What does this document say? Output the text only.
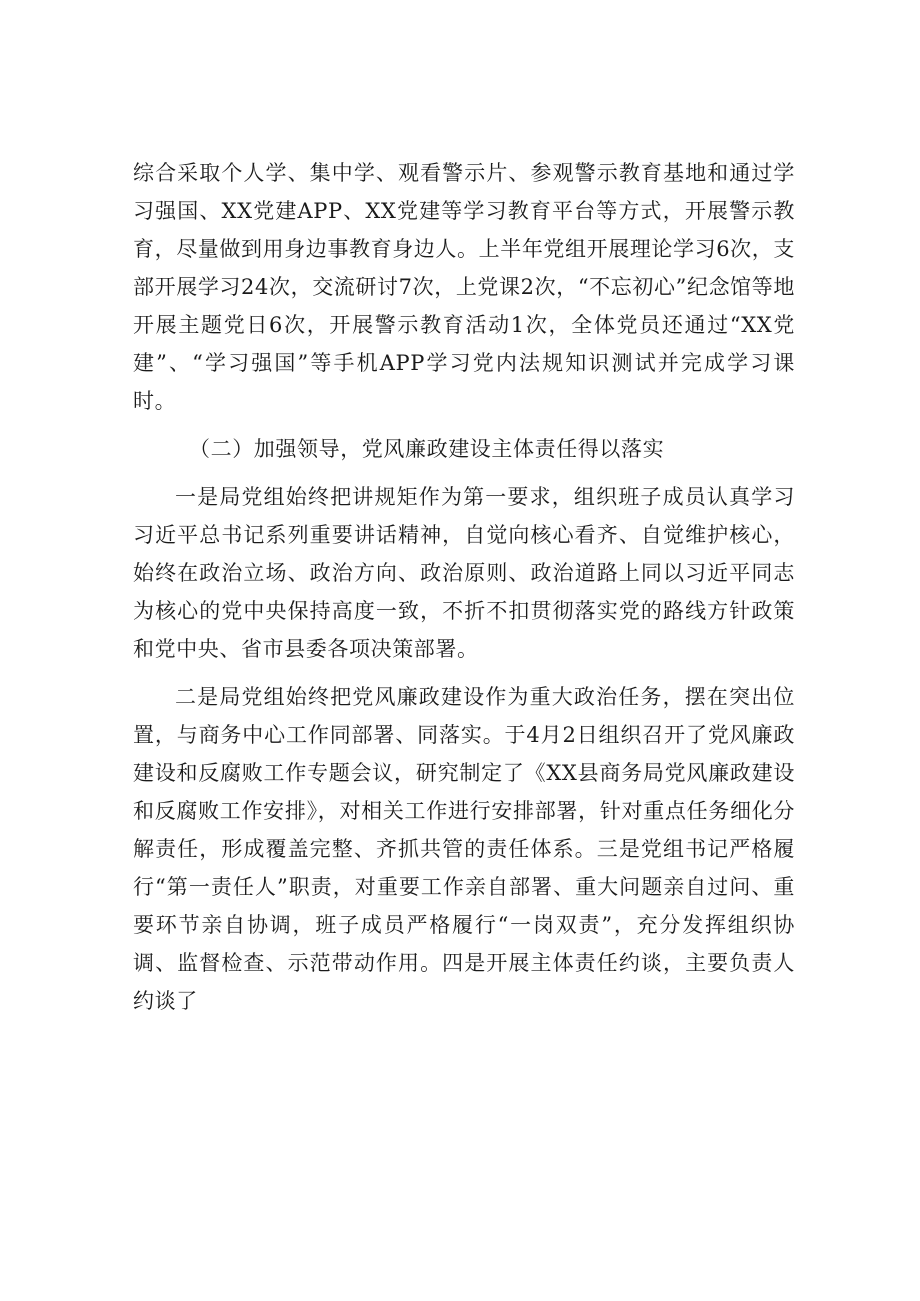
综合采取个人学、集中学、观看警示片、参观警示教育基地和通过学习强国、XX党建APP、XX党建等学习教育平台等方式，开展警示教育，尽量做到用身边事教育身边人。上半年党组开展理论学习6次，支部开展学习24次，交流研讨7次，上党课2次，“不忘初心”纪念馆等地开展主题党日6次，开展警示教育活动1次，全体党员还通过“XX党建”、“学习强国”等手机APP学习党内法规知识测试并完成学习课时。

（二）加强领导，党风廉政建设主体责任得以落实

一是局党组始终把讲规矩作为第一要求，组织班子成员认真学习习近平总书记系列重要讲话精神，自觉向核心看齐、自觉维护核心，始终在政治立场、政治方向、政治原则、政治道路上同以习近平同志为核心的党中央保持高度一致，不折不扣贯彻落实党的路线方针政策和党中央、省市县委各项决策部署。

二是局党组始终把党风廉政建设作为重大政治任务，摆在突出位置，与商务中心工作同部署、同落实。于4月2日组织召开了党风廉政建设和反腐败工作专题会议，研究制定了《XX县商务局党风廉政建设和反腐败工作安排》，对相关工作进行安排部署，针对重点任务细化分解责任，形成覆盖完整、齐抓共管的责任体系。三是党组书记严格履行“第一责任人”职责，对重要工作亲自部署、重大问题亲自过问、重要环节亲自协调，班子成员严格履行“一岗双责”，充分发挥组织协调、监督检查、示范带动作用。四是开展主体责任约谈，主要负责人约谈了
